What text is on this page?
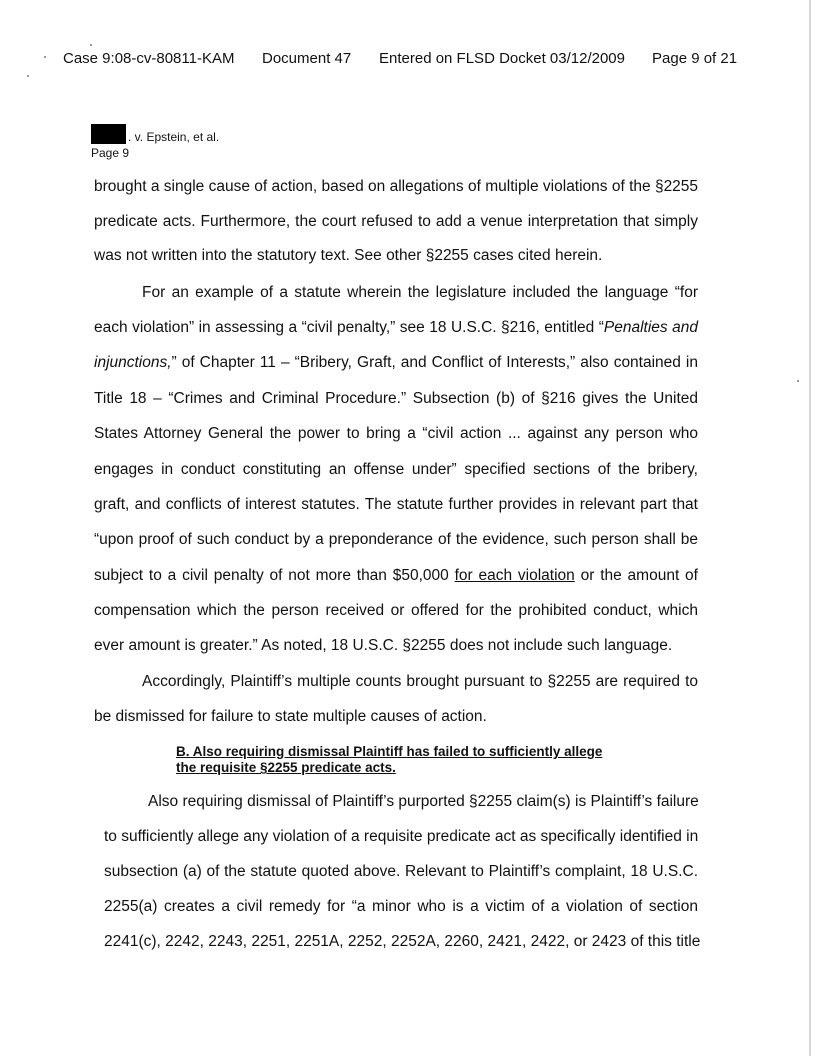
Case 9:08-cv-80811-KAM Document 47 Entered on FLSD Docket 03/12/2009 Page 9 of 21
. v. Epstein, et al.
Page 9
brought a single cause of action, based on allegations of multiple violations of the §2255
predicate acts. Furthermore, the court refused to add a venue interpretation that simply
was not written into the statutory text. See other §2255 cases cited herein.
For an example of a statute wherein the legislature included the language “for
each violation” in assessing a “civil penalty,” see 18 U.S.C. §216, entitled “Penalties and
injunctions,” of Chapter 11 – “Bribery, Graft, and Conflict of Interests,” also contained in
Title 18 – “Crimes and Criminal Procedure.” Subsection (b) of §216 gives the United
States Attorney General the power to bring a “civil action ... against any person who
engages in conduct constituting an offense under” specified sections of the bribery,
graft, and conflicts of interest statutes. The statute further provides in relevant part that
“upon proof of such conduct by a preponderance of the evidence, such person shall be
subject to a civil penalty of not more than $50,000 for each violation or the amount of
compensation which the person received or offered for the prohibited conduct, which
ever amount is greater.” As noted, 18 U.S.C. §2255 does not include such language.
Accordingly, Plaintiff’s multiple counts brought pursuant to §2255 are required to
be dismissed for failure to state multiple causes of action.
B. Also requiring dismissal Plaintiff has failed to sufficiently allege
the requisite §2255 predicate acts.
Also requiring dismissal of Plaintiff’s purported §2255 claim(s) is Plaintiff’s failure
to sufficiently allege any violation of a requisite predicate act as specifically identified in
subsection (a) of the statute quoted above. Relevant to Plaintiff’s complaint, 18 U.S.C.
2255(a) creates a civil remedy for “a minor who is a victim of a violation of section
2241(c), 2242, 2243, 2251, 2251A, 2252, 2252A, 2260, 2421, 2422, or 2423 of this title
